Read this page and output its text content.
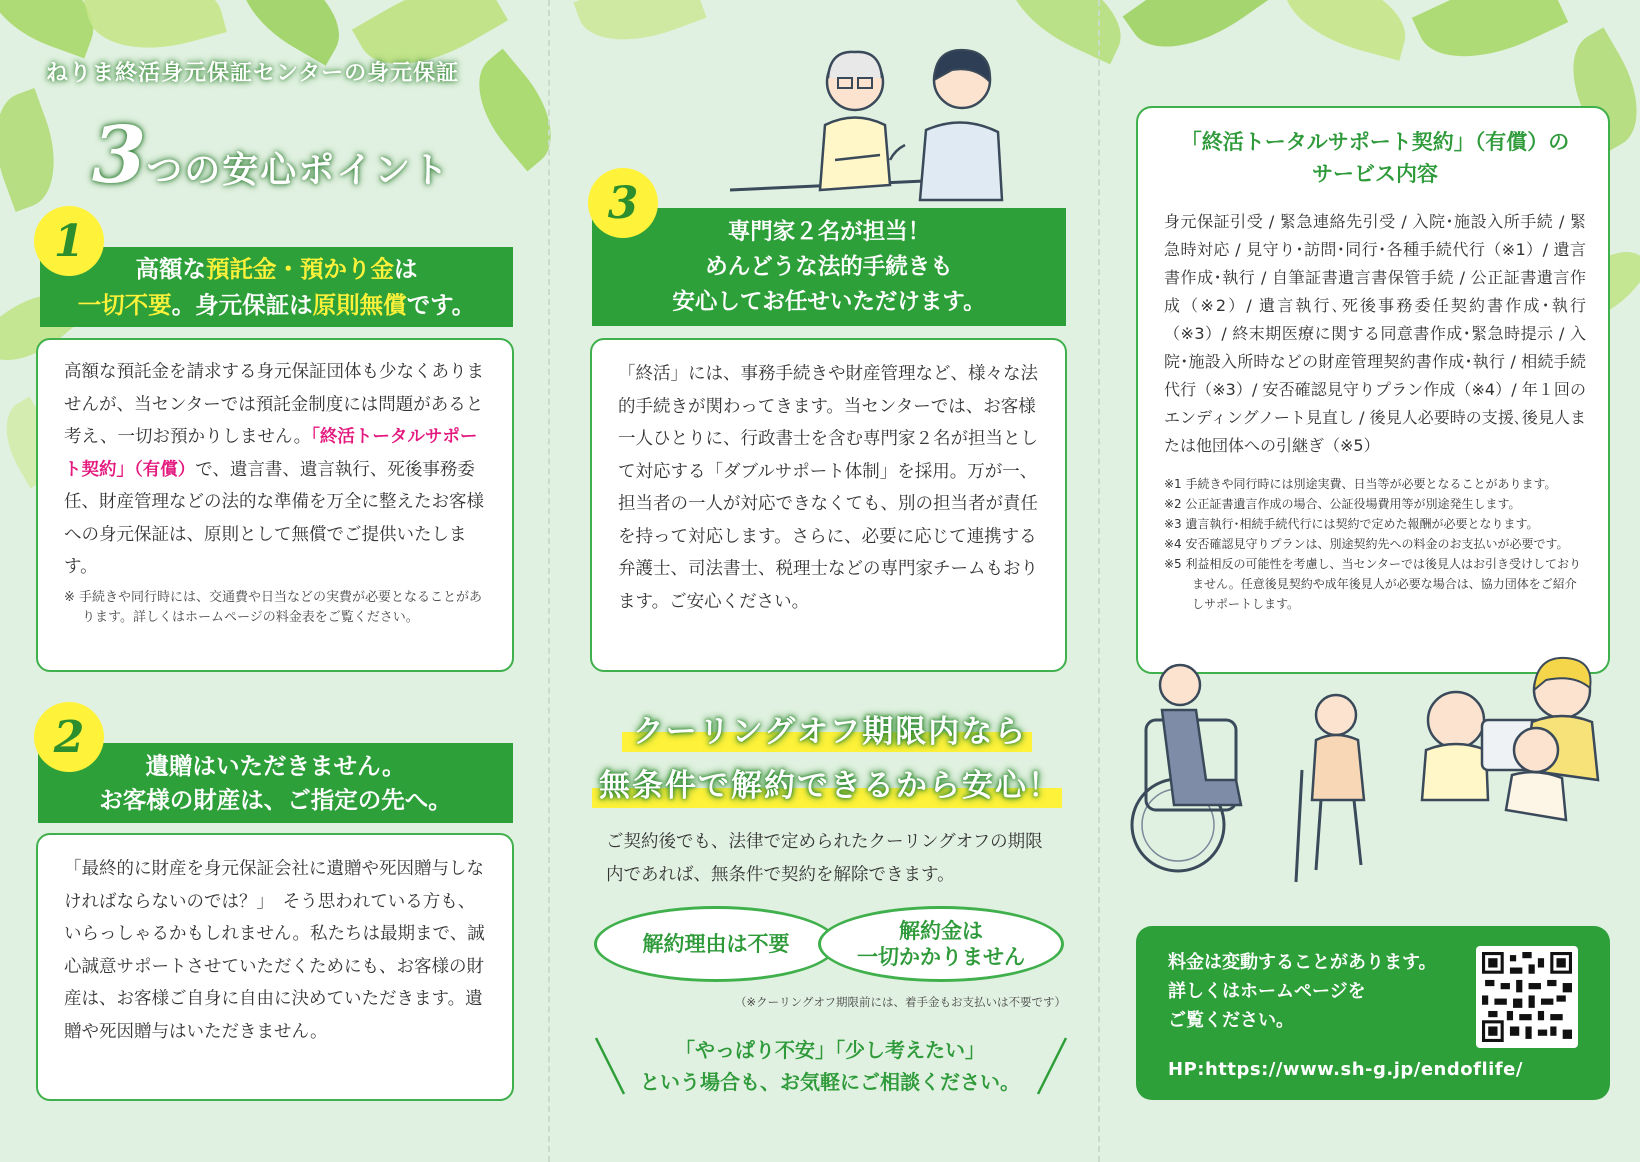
ねりま終活身元保証センターの身元保証
3つの安心ポイント
1
高額な預託金・預かり金は
一切不要。身元保証は原則無償です。
高額な預託金を請求する身元保証団体も少なくありませんが、当センターでは預託金制度には問題があると考え、一切お預かりしません。「終活トータルサポート契約」（有償）で、遺言書、遺言執行、死後事務委任、財産管理などの法的な準備を万全に整えたお客様への身元保証は、原則として無償でご提供いたします。
※ 手続きや同行時には、交通費や日当などの実費が必要となることがあります。詳しくはホームページの料金表をご覧ください。
2
遺贈はいただきません。
お客様の財産は、ご指定の先へ。
「最終的に財産を身元保証会社に遺贈や死因贈与しなければならないのでは？」　そう思われている方も、いらっしゃるかもしれません。私たちは最期まで、誠心誠意サポートさせていただくためにも、お客様の財産は、お客様ご自身に自由に決めていただきます。遺贈や死因贈与はいただきません。
3
専門家２名が担当！
めんどうな法的手続きも
安心してお任せいただけます。
「終活」には、事務手続きや財産管理など、様々な法的手続きが関わってきます。当センターでは、お客様一人ひとりに、行政書士を含む専門家２名が担当として対応する「ダブルサポート体制」を採用。万が一、担当者の一人が対応できなくても、別の担当者が責任を持って対応します。さらに、必要に応じて連携する弁護士、司法書士、税理士などの専門家チームもおります。ご安心ください。
クーリングオフ期限内なら
無条件で解約できるから安心！
ご契約後でも、法律で定められたクーリングオフの期限内であれば、無条件で契約を解除できます。
解約理由は不要
解約金は
一切かかりません
（※クーリングオフ期限前には、着手金もお支払いは不要です）
「やっぱり不安」「少し考えたい」
という場合も、お気軽にご相談ください。
「終活トータルサポート契約」（有償）の
サービス内容
身元保証引受 / 緊急連絡先引受 / 入院･施設入所手続 / 緊急時対応 / 見守り･訪問･同行･各種手続代行（※1）/ 遺言書作成･執行 / 自筆証書遺言書保管手続 / 公正証書遺言作成（※2）/ 遺言執行､死後事務委任契約書作成･執行（※3）/ 終末期医療に関する同意書作成･緊急時提示 / 入院･施設入所時などの財産管理契約書作成･執行 / 相続手続代行（※3）/ 安否確認見守りプラン作成（※4）/ 年１回のエンディングノート見直し / 後見人必要時の支援､後見人または他団体への引継ぎ（※5）
※1 手続きや同行時には別途実費、日当等が必要となることがあります。
※2 公正証書遺言作成の場合、公証役場費用等が別途発生します。
※3 遺言執行･相続手続代行には契約で定めた報酬が必要となります。
※4 安否確認見守りプランは、別途契約先への料金のお支払いが必要です。
※5 利益相反の可能性を考慮し、当センターでは後見人はお引き受けしておりません。任意後見契約や成年後見人が必要な場合は、協力団体をご紹介しサポートします。
料金は変動することがあります。
詳しくはホームページを
ご覧ください。
HP:https://www.sh-g.jp/endoflife/
